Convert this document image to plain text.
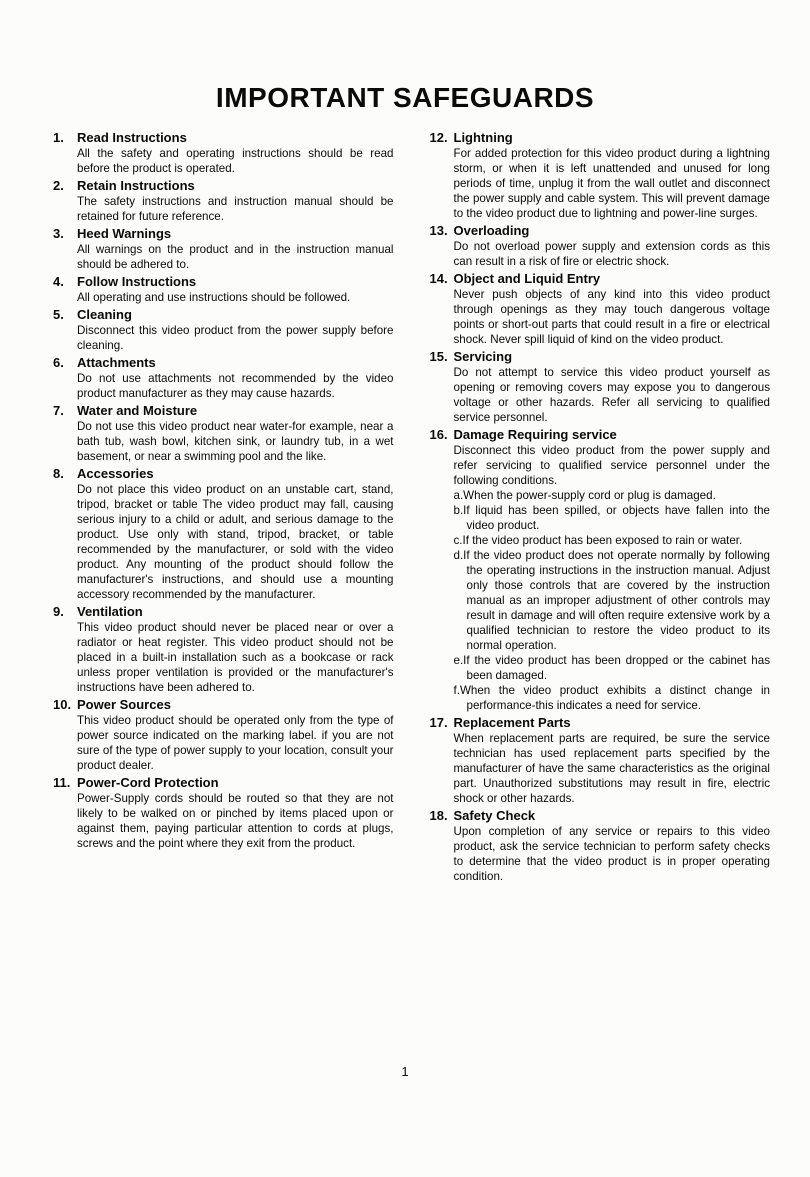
IMPORTANT SAFEGUARDS
1.	Read Instructions

All the safety and operating instructions should be read before the product is operated.

2.	Retain Instructions

The safety instructions and instruction manual should be retained for future reference.

3.	Heed Warnings

All warnings on the product and in the instruction manual should be adhered to.

4.	Follow Instructions

All operating and use instructions should be followed.

5.	Cleaning

Disconnect this video product from the power supply before cleaning.

6.	Attachments

Do not use attachments not recommended by the video product manufacturer as they may cause hazards.

7.	Water and Moisture

Do not use this video product near water-for example, near a bath tub, wash bowl, kitchen sink, or laundry tub, in a wet basement, or near a swimming pool and the like.

8.	Accessories

Do not place this video product on an unstable cart, stand, tripod, bracket or table The video product may fall, causing serious injury to a child or adult, and serious damage to the product. Use only with stand, tripod, bracket, or table recommended by the manufacturer, or sold with the video product. Any mounting of the product should follow the manufacturer's instructions, and should use a mounting accessory recommended by the manufacturer.

9.	Ventilation

This video product should never be placed near or over a radiator or heat register. This video product should not be placed in a built-in installation such as a bookcase or rack unless proper ventilation is provided or the manufacturer's instructions have been adhered to.

10. Power Sources

This video product should be operated only from the type of power source indicated on the marking label. if you are not sure of the type of power supply to your location, consult your product dealer.

11. Power-Cord Protection

Power-Supply cords should be routed so that they are not likely to be walked on or pinched by items placed upon or against them, paying particular attention to cords at plugs, screws and the point where they exit from the product.

12. Lightning

For added protection for this video product during a lightning storm, or when it is left unattended and unused for long periods of time, unplug it from the wall outlet and disconnect the power supply and cable system. This will prevent damage to the video product due to lightning and power-line surges.

13. Overloading

Do not overload power supply and extension cords as this can result in a risk of fire or electric shock.

14. Object and Liquid Entry

Never push objects of any kind into this video product through openings as they may touch dangerous voltage points or short-out parts that could result in a fire or electrical shock. Never spill liquid of kind on the video product.

15. Servicing

Do not attempt to service this video product yourself as opening or removing covers may expose you to dangerous voltage or other hazards. Refer all servicing to qualified service personnel.

16. Damage Requiring service

Disconnect this video product from the power supply and refer servicing to qualified service personnel under the following conditions.

a.When the power-supply cord or plug is damaged.

b.If liquid has been spilled, or objects have fallen into the video product.

c.If the video product has been exposed to rain or water.

d.If the video product does not operate normally by following the operating instructions in the instruction manual. Adjust only those controls that are covered by the instruction manual as an improper adjustment of other controls may result in damage and will often require extensive work by a qualified technician to restore the video product to its normal operation.

e.If the video product has been dropped or the cabinet has been damaged.

f.When the video product exhibits a distinct change in performance-this indicates a need for service.

17. Replacement Parts

When replacement parts are required, be sure the service technician has used replacement parts specified by the manufacturer of have the same characteristics as the original part. Unauthorized substitutions may result in fire, electric shock or other hazards.

18. Safety Check

Upon completion of any service or repairs to this video product, ask the service technician to perform safety checks to determine that the video product is in proper operating condition.

1
